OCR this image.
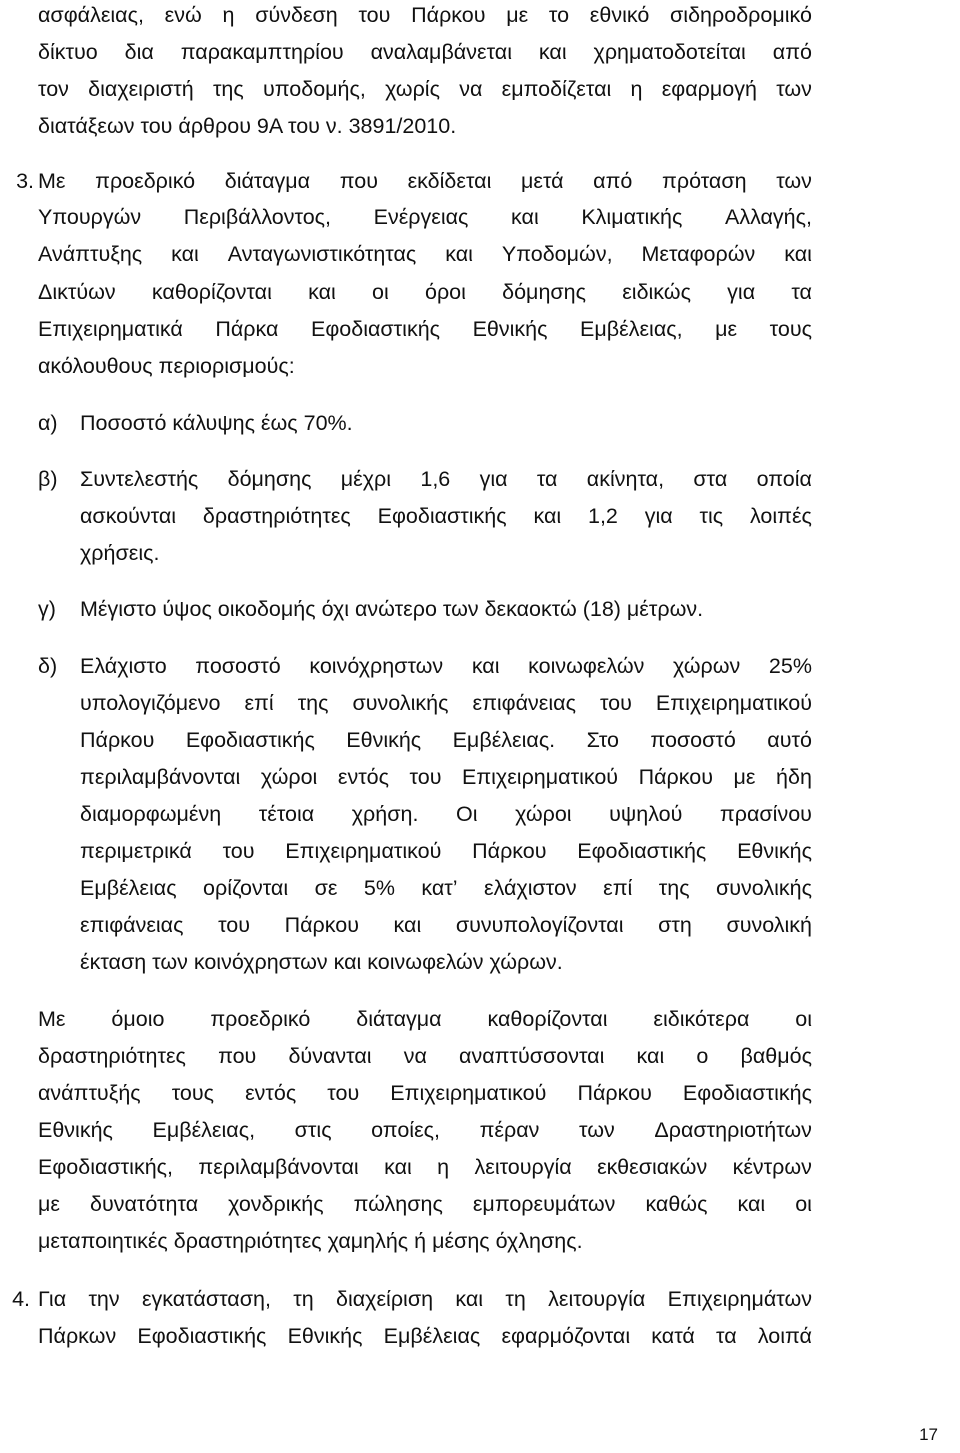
ασφάλειας, ενώ η σύνδεση του Πάρκου με το εθνικό σιδηροδρομικό
δίκτυο δια παρακαμπτηρίου αναλαμβάνεται και χρηματοδοτείται από
τον διαχειριστή της υποδομής, χωρίς να εμποδίζεται η εφαρμογή των
διατάξεων του άρθρου 9Α του ν. 3891/2010.
3. Με προεδρικό διάταγμα που εκδίδεται μετά από πρόταση των
Υπουργών Περιβάλλοντος, Ενέργειας και Κλιματικής Αλλαγής,
Ανάπτυξης και Ανταγωνιστικότητας και Υποδομών, Μεταφορών και
Δικτύων καθορίζονται και οι όροι δόμησης ειδικώς για τα
Επιχειρηματικά Πάρκα Εφοδιαστικής Εθνικής Εμβέλειας, με τους
ακόλουθους περιορισμούς:
α) Ποσοστό κάλυψης έως 70%.
β) Συντελεστής δόμησης μέχρι 1,6 για τα ακίνητα, στα οποία
ασκούνται δραστηριότητες Εφοδιαστικής και 1,2 για τις λοιπές
χρήσεις.
γ) Μέγιστο ύψος οικοδομής όχι ανώτερο των δεκαοκτώ (18) μέτρων.
δ) Ελάχιστο ποσοστό κοινόχρηστων και κοινωφελών χώρων 25%
υπολογιζόμενο επί της συνολικής επιφάνειας του Επιχειρηματικού
Πάρκου Εφοδιαστικής Εθνικής Εμβέλειας. Στο ποσοστό αυτό
περιλαμβάνονται χώροι εντός του Επιχειρηματικού Πάρκου με ήδη
διαμορφωμένη τέτοια χρήση. Οι χώροι υψηλού πρασίνου
περιμετρικά του Επιχειρηματικού Πάρκου Εφοδιαστικής Εθνικής
Εμβέλειας ορίζονται σε 5% κατ’ ελάχιστον επί της συνολικής
επιφάνειας του Πάρκου και συνυπολογίζονται στη συνολική
έκταση των κοινόχρηστων και κοινωφελών χώρων.
Με όμοιο προεδρικό διάταγμα καθορίζονται ειδικότερα οι
δραστηριότητες που δύνανται να αναπτύσσονται και ο βαθμός
ανάπτυξής τους εντός του Επιχειρηματικού Πάρκου Εφοδιαστικής
Εθνικής Εμβέλειας, στις οποίες, πέραν των Δραστηριοτήτων
Εφοδιαστικής, περιλαμβάνονται και η λειτουργία εκθεσιακών κέντρων
με δυνατότητα χονδρικής πώλησης εμπορευμάτων καθώς και οι
μεταποιητικές δραστηριότητες χαμηλής ή μέσης όχλησης.
4. Για την εγκατάσταση, τη διαχείριση και τη λειτουργία Επιχειρημάτων
Πάρκων Εφοδιαστικής Εθνικής Εμβέλειας εφαρμόζονται κατά τα λοιπά
17
